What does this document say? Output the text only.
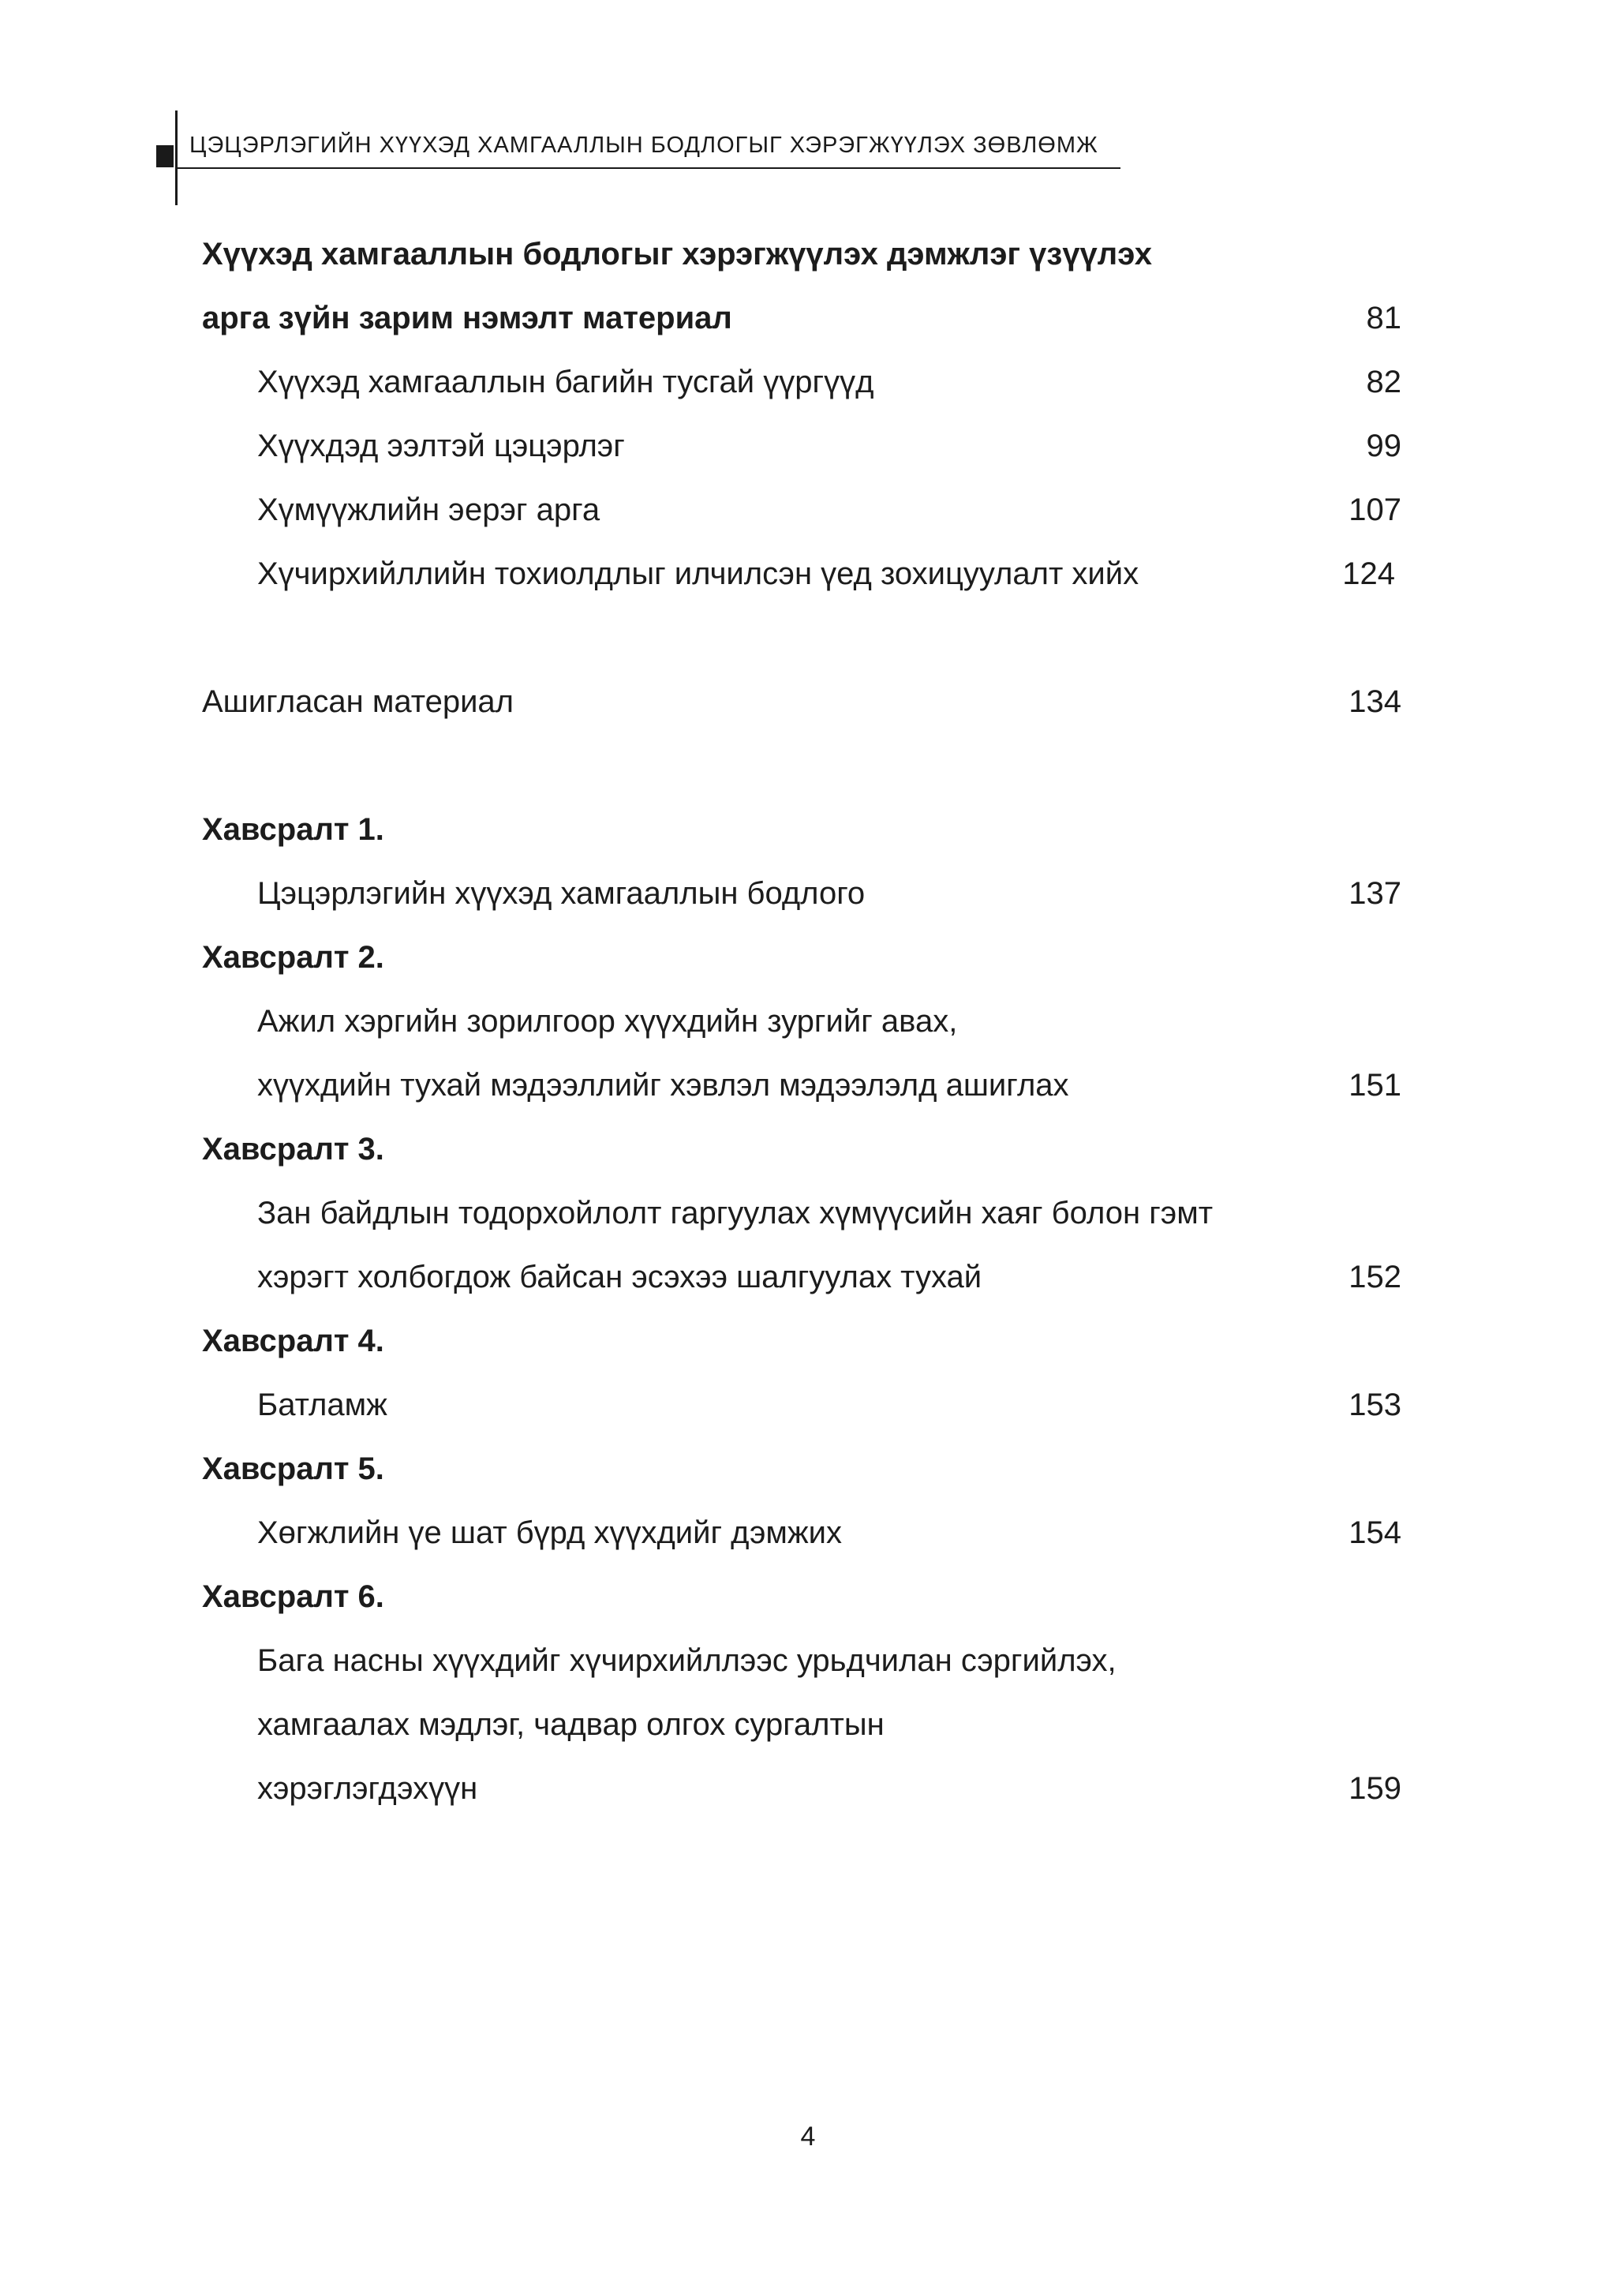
ЦЭЦЭРЛЭГИЙН ХҮҮХЭД ХАМГААЛЛЫН БОДЛОГЫГ ХЭРЭГЖҮҮЛЭХ ЗӨВЛӨМЖ
Хүүхэд хамгааллын бодлогыг хэрэгжүүлэх дэмжлэг үзүүлэх
арга зүйн зарим нэмэлт материал	81
Хүүхэд хамгааллын багийн тусгай үүргүүд	82
Хүүхдэд ээлтэй цэцэрлэг	99
Хүмүүжлийн эерэг арга	107
Хүчирхийллийн тохиолдлыг илчилсэн үед зохицуулалт хийх	124
Ашигласан материал	134
Хавсралт 1.
Цэцэрлэгийн хүүхэд хамгааллын бодлого	137
Хавсралт 2.
Ажил хэргийн зорилгоор хүүхдийн зургийг авах,
хүүхдийн тухай мэдээллийг хэвлэл мэдээлэлд ашиглах	151
Хавсралт 3.
Зан байдлын тодорхойлолт гаргуулах хүмүүсийн хаяг болон гэмт
хэрэгт холбогдож байсан эсэхээ шалгуулах тухай	152
Хавсралт 4.
Батламж	153
Хавсралт 5.
Хөгжлийн үе шат бүрд хүүхдийг дэмжих	154
Хавсралт 6.
Бага насны хүүхдийг хүчирхийллээс урьдчилан сэргийлэх,
хамгаалах мэдлэг, чадвар олгох сургалтын
хэрэглэгдэхүүн	159
4
